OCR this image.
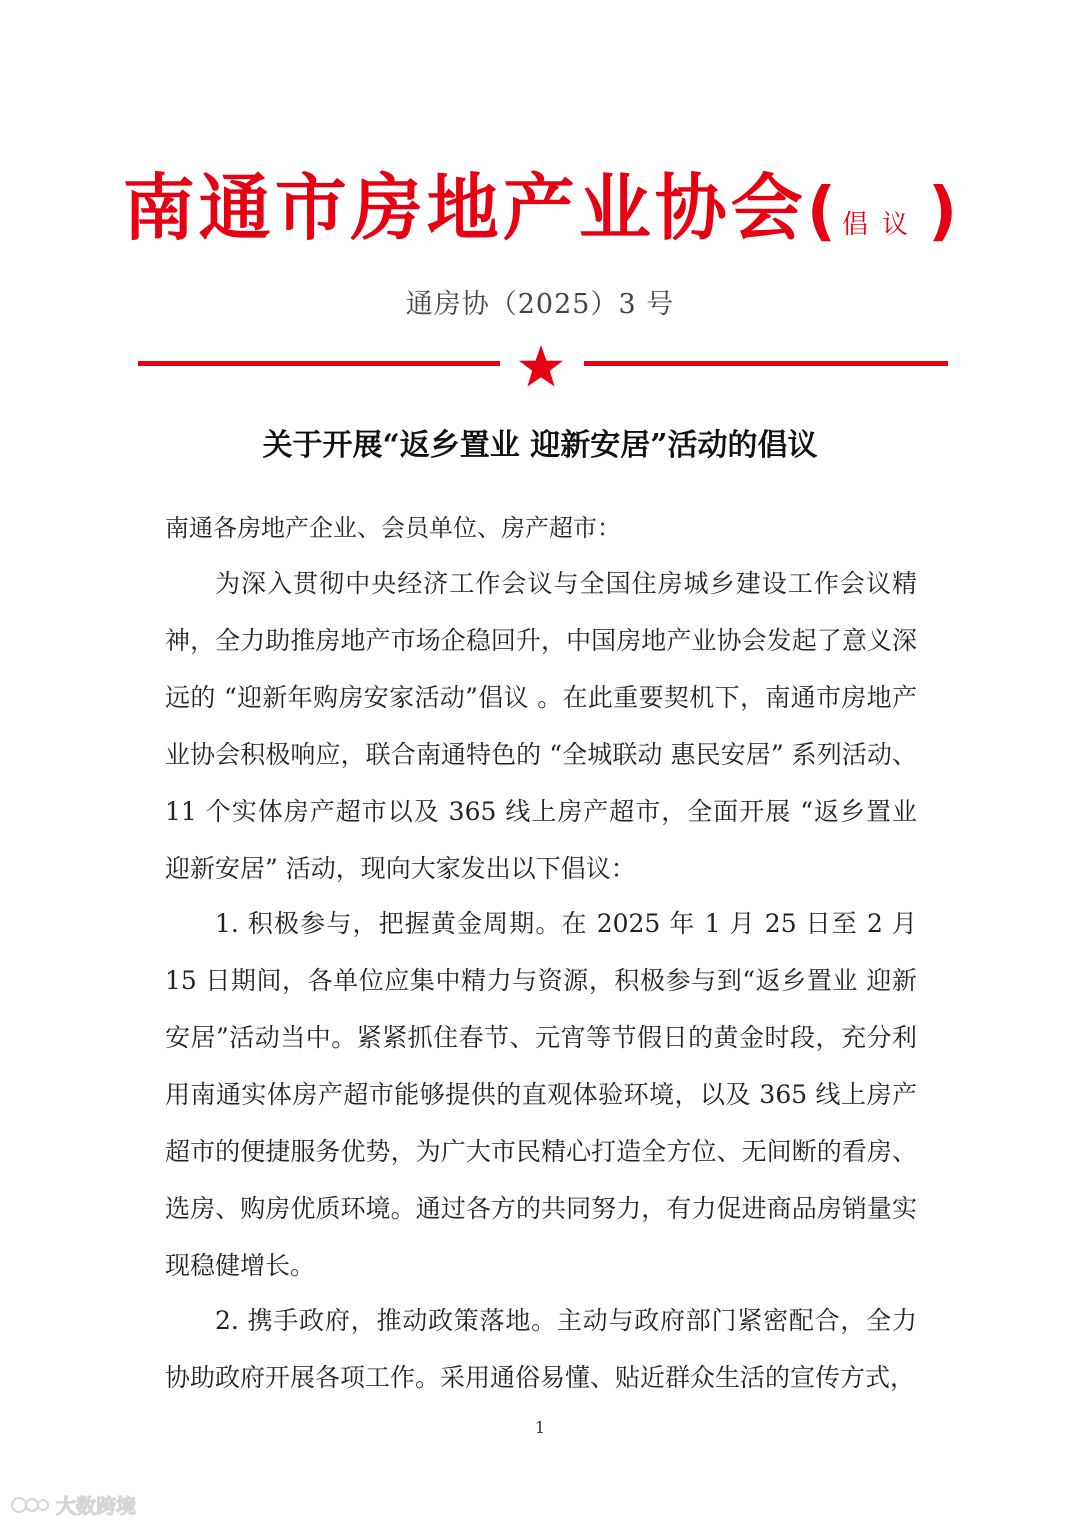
南通市房地产业协会( 倡议)
通房协（2025）3 号
关于开展“返乡置业 迎新安居”活动的倡议
南通各房地产企业、会员单位、房产超市：
为深入贯彻中央经济工作会议与全国住房城乡建设工作会议精神，全力助推房地产市场企稳回升，中国房地产业协会发起了意义深远的 “迎新年购房安家活动”倡议 。在此重要契机下，南通市房地产业协会积极响应，联合南通特色的 “全城联动 惠民安居” 系列活动、11 个实体房产超市以及 365 线上房产超市，全面开展 “返乡置业 迎新安居” 活动，现向大家发出以下倡议：
1. 积极参与，把握黄金周期。在 2025 年 1 月 25 日至 2 月 15 日期间，各单位应集中精力与资源，积极参与到“返乡置业 迎新安居”活动当中。紧紧抓住春节、元宵等节假日的黄金时段，充分利用南通实体房产超市能够提供的直观体验环境，以及 365 线上房产超市的便捷服务优势，为广大市民精心打造全方位、无间断的看房、选房、购房优质环境。通过各方的共同努力，有力促进商品房销量实现稳健增长。
2. 携手政府，推动政策落地。主动与政府部门紧密配合，全力协助政府开展各项工作。采用通俗易懂、贴近群众生活的宣传方式，
1
大数跨境
